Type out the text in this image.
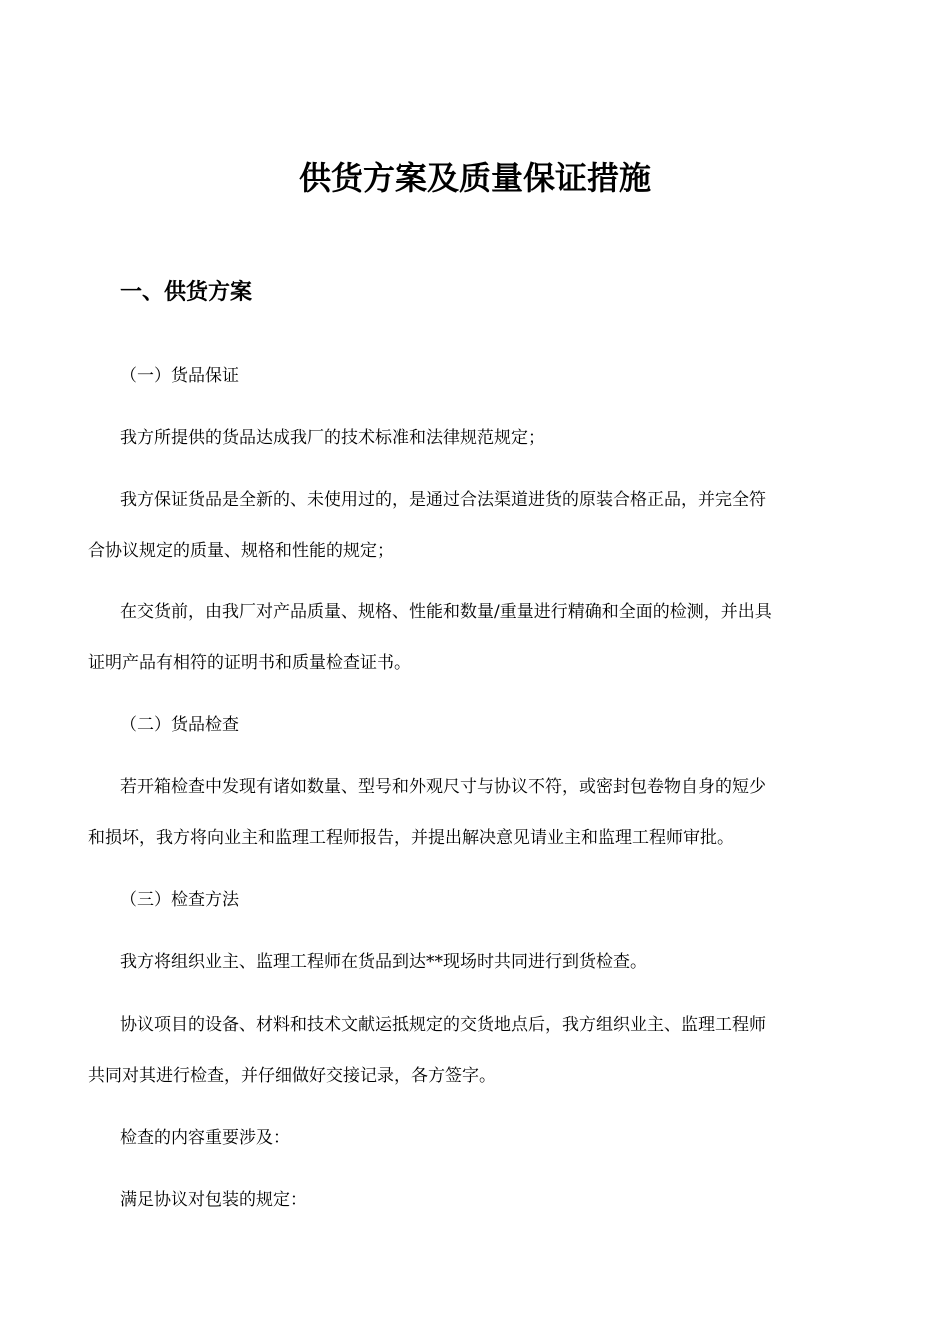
供货方案及质量保证措施
一、供货方案

（一）货品保证

我方所提供的货品达成我厂的技术标准和法律规范规定；

我方保证货品是全新的、未使用过的，是通过合法渠道进货的原装合格正品，并完全符

合协议规定的质量、规格和性能的规定；

在交货前，由我厂对产品质量、规格、性能和数量/重量进行精确和全面的检测，并出具

证明产品有相符的证明书和质量检查证书。

（二）货品检查

若开箱检查中发现有诸如数量、型号和外观尺寸与协议不符，或密封包卷物自身的短少

和损坏，我方将向业主和监理工程师报告，并提出解决意见请业主和监理工程师审批。

（三）检查方法

我方将组织业主、监理工程师在货品到达**现场时共同进行到货检查。

协议项目的设备、材料和技术文献运抵规定的交货地点后，我方组织业主、监理工程师

共同对其进行检查，并仔细做好交接记录，各方签字。

检查的内容重要涉及：

满足协议对包装的规定：
